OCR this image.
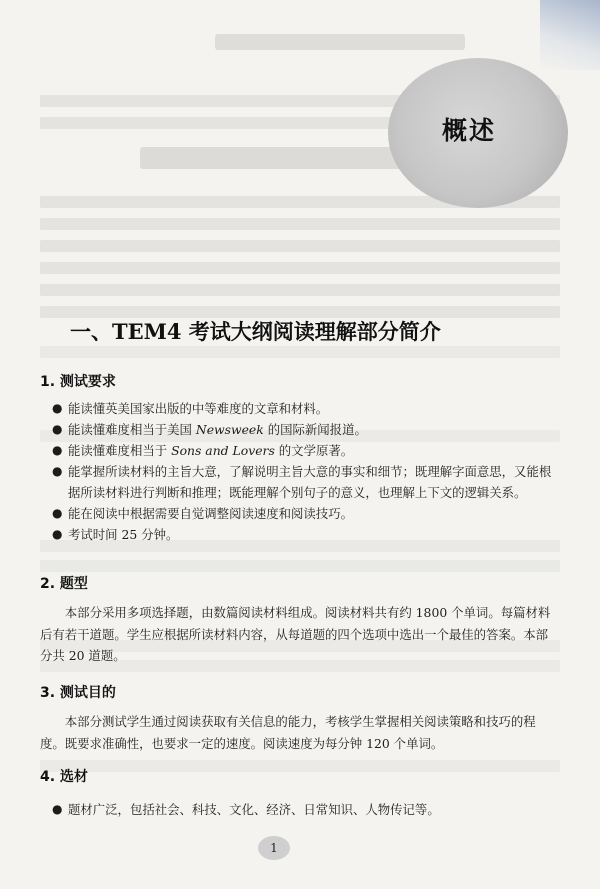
概述
一、TEM4 考试大纲阅读理解部分简介
1. 测试要求
● 能读懂英美国家出版的中等难度的文章和材料。
● 能读懂难度相当于美国 Newsweek 的国际新闻报道。
● 能读懂难度相当于 Sons and Lovers 的文学原著。
● 能掌握所读材料的主旨大意，了解说明主旨大意的事实和细节；既理解字面意思，又能根据所读材料进行判断和推理；既能理解个别句子的意义，也理解上下文的逻辑关系。
● 能在阅读中根据需要自觉调整阅读速度和阅读技巧。
● 考试时间 25 分钟。
2. 题型

本部分采用多项选择题，由数篇阅读材料组成。阅读材料共有约 1800 个单词。每篇材料后有若干道题。学生应根据所读材料内容，从每道题的四个选项中选出一个最佳的答案。本部分共 20 道题。

3. 测试目的

本部分测试学生通过阅读获取有关信息的能力，考核学生掌握相关阅读策略和技巧的程度。既要求准确性，也要求一定的速度。阅读速度为每分钟 120 个单词。

4. 选材
● 题材广泛，包括社会、科技、文化、经济、日常知识、人物传记等。
1
